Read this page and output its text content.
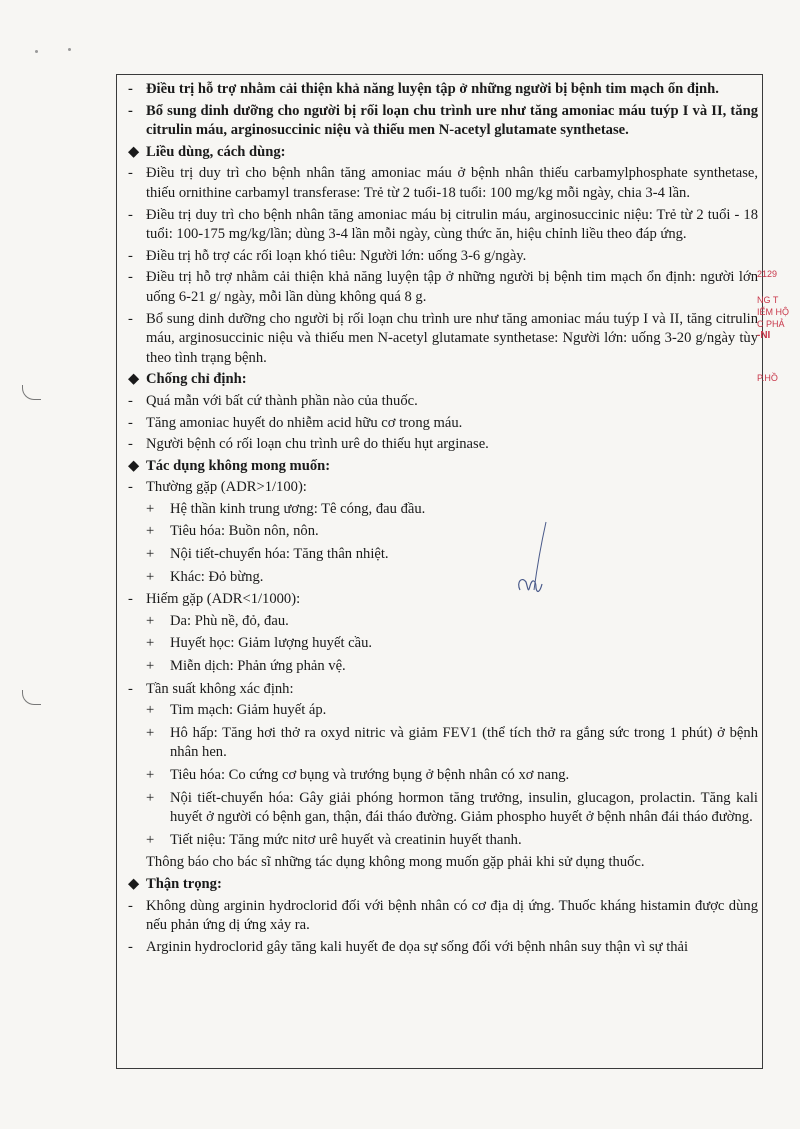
- Điều trị hỗ trợ nhằm cải thiện khả năng luyện tập ở những người bị bệnh tim mạch ổn định.
- Bổ sung dinh dưỡng cho người bị rối loạn chu trình ure như tăng amoniac máu tuýp I và II, tăng citrulin máu, arginosuccinic niệu và thiếu men N-acetyl glutamate synthetase.
◆ Liều dùng, cách dùng:
- Điều trị duy trì cho bệnh nhân tăng amoniac máu ở bệnh nhân thiếu carbamylphosphate synthetase, thiếu ornithine carbamyl transferase: Trẻ từ 2 tuổi-18 tuổi: 100 mg/kg mỗi ngày, chia 3-4 lần.
- Điều trị duy trì cho bệnh nhân tăng amoniac máu bị citrulin máu, arginosuccinic niệu: Trẻ từ 2 tuổi - 18 tuổi: 100-175 mg/kg/lần; dùng 3-4 lần mỗi ngày, cùng thức ăn, hiệu chỉnh liều theo đáp ứng.
- Điều trị hỗ trợ các rối loạn khó tiêu: Người lớn: uống 3-6 g/ngày.
- Điều trị hỗ trợ nhằm cải thiện khả năng luyện tập ở những người bị bệnh tim mạch ổn định: người lớn uống 6-21 g/ ngày, mỗi lần dùng không quá 8 g.
- Bổ sung dinh dưỡng cho người bị rối loạn chu trình ure như tăng amoniac máu tuýp I và II, tăng citrulin máu, arginosuccinic niệu và thiếu men N-acetyl glutamate synthetase: Người lớn: uống 3-20 g/ngày tùy theo tình trạng bệnh.
◆ Chống chỉ định:
- Quá mẫn với bất cứ thành phần nào của thuốc.
- Tăng amoniac huyết do nhiễm acid hữu cơ trong máu.
- Người bệnh có rối loạn chu trình urê do thiếu hụt arginase.
◆ Tác dụng không mong muốn:
- Thường gặp (ADR>1/100):
+ Hệ thần kinh trung ương: Tê cóng, đau đầu.
+ Tiêu hóa: Buồn nôn, nôn.
+ Nội tiết-chuyển hóa: Tăng thân nhiệt.
+ Khác: Đỏ bừng.
- Hiếm gặp (ADR<1/1000):
+ Da: Phù nề, đỏ, đau.
+ Huyết học: Giảm lượng huyết cầu.
+ Miễn dịch: Phản ứng phản vệ.
- Tần suất không xác định:
+ Tim mạch: Giảm huyết áp.
+ Hô hấp: Tăng hơi thở ra oxyd nitric và giảm FEV1 (thể tích thở ra gắng sức trong 1 phút) ở bệnh nhân hen.
+ Tiêu hóa: Co cứng cơ bụng và trướng bụng ở bệnh nhân có xơ nang.
+ Nội tiết-chuyển hóa: Gây giải phóng hormon tăng trưởng, insulin, glucagon, prolactin. Tăng kali huyết ở người có bệnh gan, thận, đái tháo đường. Giảm phospho huyết ở bệnh nhân đái tháo đường.
+ Tiết niệu: Tăng mức nitơ urê huyết và creatinin huyết thanh.
Thông báo cho bác sĩ những tác dụng không mong muốn gặp phải khi sử dụng thuốc.
◆ Thận trọng:
- Không dùng arginin hydroclorid đối với bệnh nhân có cơ địa dị ứng. Thuốc kháng histamin được dùng nếu phản ứng dị ứng xảy ra.
- Arginin hydroclorid gây tăng kali huyết đe dọa sự sống đối với bệnh nhân suy thận vì sự thải
2129
NG T
IỂM HỘ
C PHẢ
-NI
P.HỒ
